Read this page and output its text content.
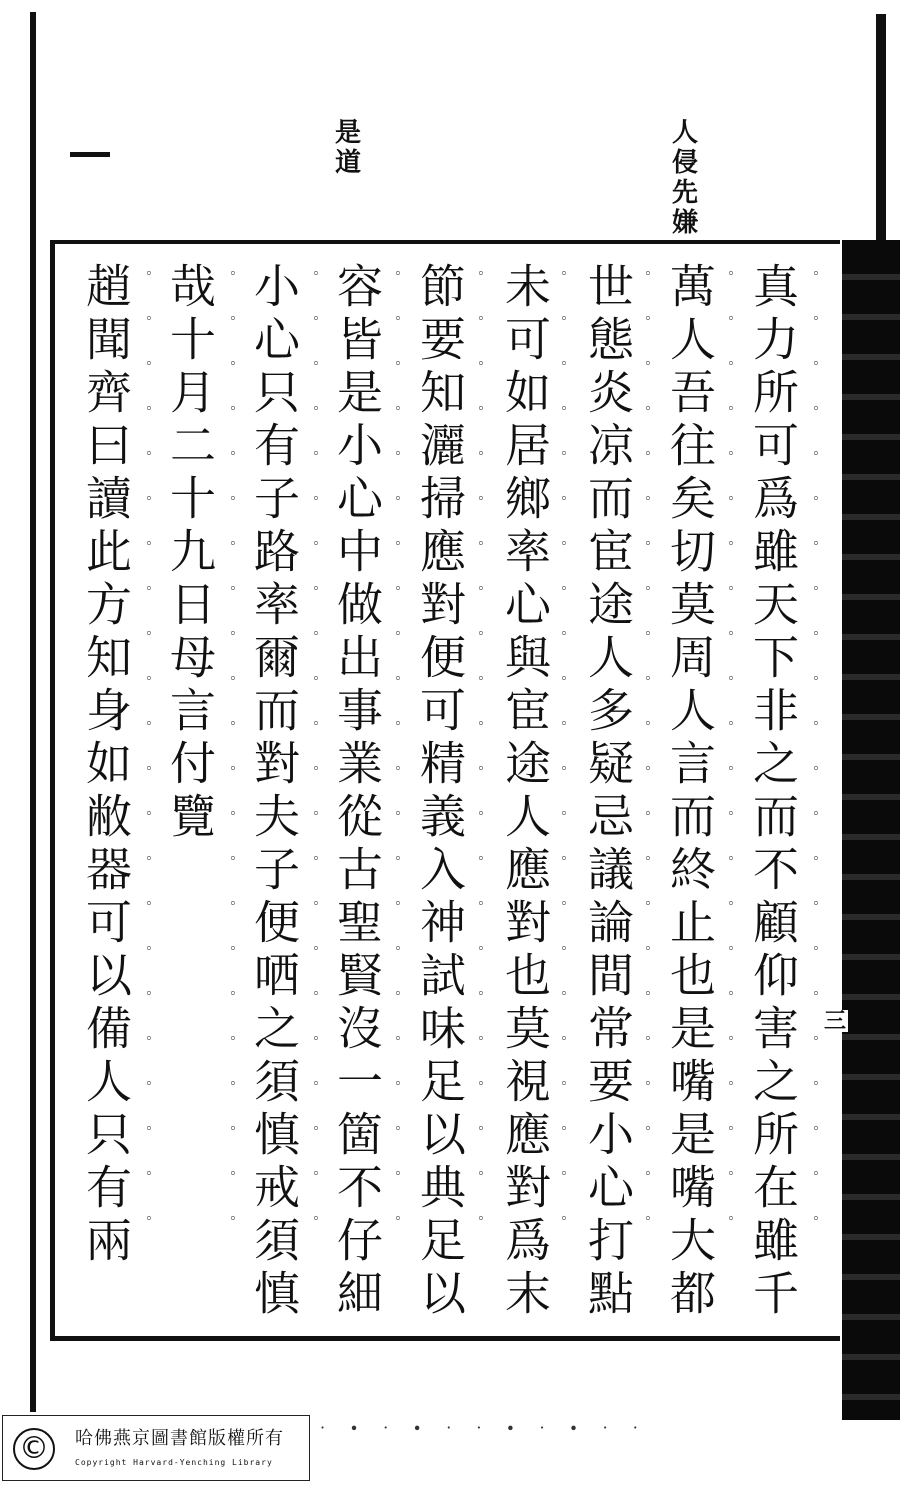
三
人侵先嫌
是道
真力所可爲雖天下非之而不顧仰害之所在雖千 。。。。。。。。。。。。。。。。。。。。。。
萬人吾往矣切莫周人言而終止也是嘴是嘴大都 。。。。。。。。。。。。。。。。。。。。。。
世態炎凉而宦途人多疑忌議論間常要小心打點 。。。。。。。。。。。。。。。。。。。。。。
未可如居鄉率心與宦途人應對也莫視應對爲末 。。。。。。。。。。。。。。。。。。。。。。
節要知灑掃應對便可精義入神試味足以典足以 。。。。。。。。。。。。。。。。。。。。。。
容皆是小心中做出事業從古聖賢沒一箇不仔細 。。。。。。。。。。。。。。。。。。。。。。
小心只有子路率爾而對夫子便哂之須慎戒須慎 。。。。。。。。。。。。。。。。。。。。。。
哉十月二十九日母言付覽 。。。。。。。。。。。。。。。。。。。。。。
趙聞齊曰讀此方知身如敝器可以備人只有兩 。。。。。。。。。。。。。。。。。。。。。。
· ∙ · ∙ · · ∙ · ∙ · ·
©	哈佛燕京圖書館版權所有
Copyright Harvard-Yenching Library
